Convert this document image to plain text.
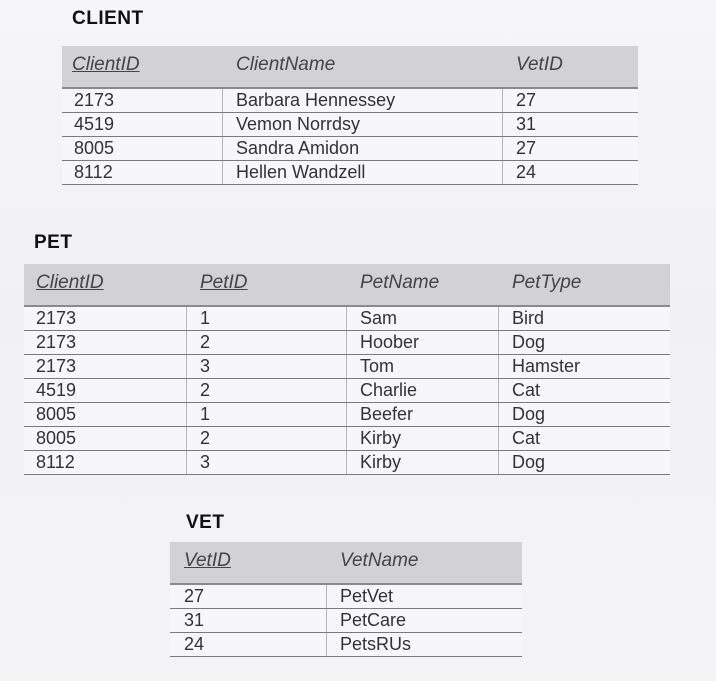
CLIENT
ClientID	ClientName	VetID
2173	Barbara Hennessey	27
4519	Vemon Norrdsy	31
8005	Sandra Amidon	27
8112	Hellen Wandzell	24
PET
ClientID	PetID	PetName	PetType
2173	1	Sam	Bird
2173	2	Hoober	Dog
2173	3	Tom	Hamster
4519	2	Charlie	Cat
8005	1	Beefer	Dog
8005	2	Kirby	Cat
8112	3	Kirby	Dog
VET
VetID	VetName
27	PetVet
31	PetCare
24	PetsRUs
